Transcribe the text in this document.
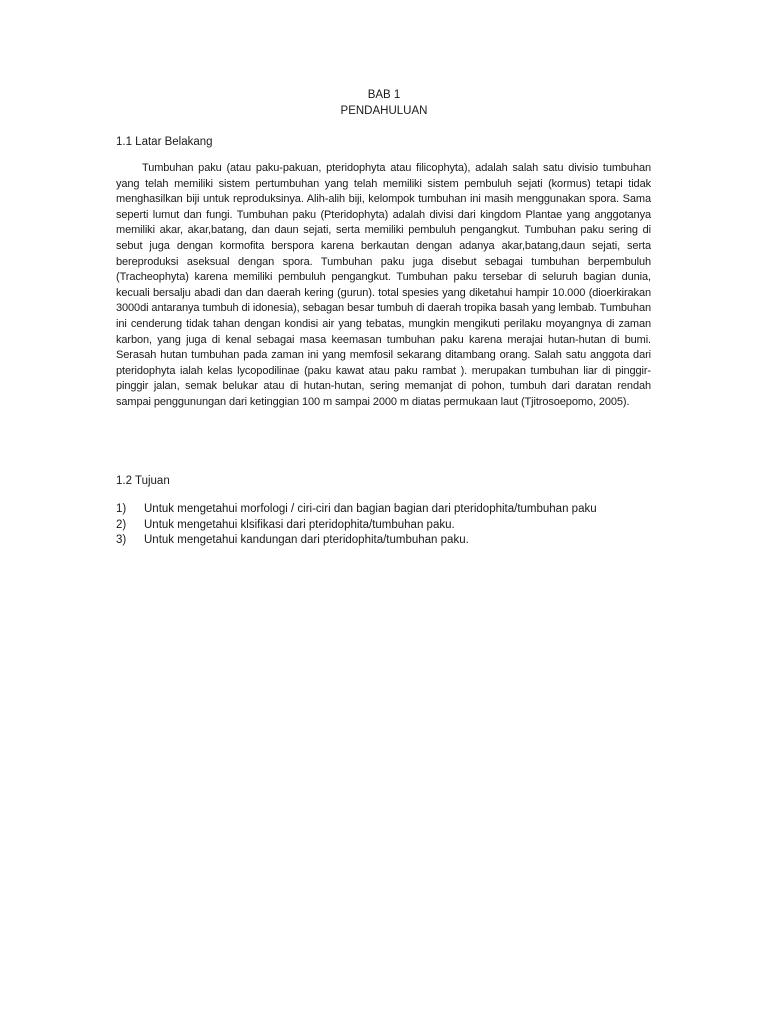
BAB 1
PENDAHULUAN
1.1 Latar Belakang

Tumbuhan paku (atau paku-pakuan, pteridophyta atau filicophyta), adalah salah satu divisio tumbuhan yang telah memiliki sistem pertumbuhan yang telah memiliki sistem pembuluh sejati (kormus) tetapi tidak menghasilkan biji untuk reproduksinya. Alih-alih biji, kelompok tumbuhan ini masih menggunakan spora. Sama seperti lumut dan fungi. Tumbuhan paku (Pteridophyta) adalah divisi dari kingdom Plantae yang anggotanya memiliki akar, akar,batang, dan daun sejati, serta memiliki pembuluh pengangkut. Tumbuhan paku sering di sebut juga dengan kormofita berspora karena berkautan dengan adanya akar,batang,daun sejati, serta bereproduksi aseksual dengan spora. Tumbuhan paku juga disebut sebagai tumbuhan berpembuluh (Tracheophyta) karena memiliki pembuluh pengangkut. Tumbuhan paku tersebar di seluruh bagian dunia, kecuali bersalju abadi dan dan daerah kering (gurun). total spesies yang diketahui hampir 10.000 (dioerkirakan 3000di antaranya tumbuh di idonesia), sebagan besar tumbuh di daerah tropika basah yang lembab. Tumbuhan ini cenderung tidak tahan dengan kondisi air yang tebatas, mungkin mengikuti perilaku moyangnya di zaman karbon, yang juga di kenal sebagai masa keemasan tumbuhan paku karena merajai hutan-hutan di bumi. Serasah hutan tumbuhan pada zaman ini yang memfosil sekarang ditambang orang. Salah satu anggota dari pteridophyta ialah kelas lycopodilinae (paku kawat atau paku rambat ). merupakan tumbuhan liar di pinggir-pinggir jalan, semak belukar atau di hutan-hutan, sering memanjat di pohon, tumbuh dari daratan rendah sampai penggunungan dari ketinggian 100 m sampai 2000 m diatas permukaan laut (Tjitrosoepomo, 2005).

1.2 Tujuan
1)	Untuk mengetahui morfologi / ciri-ciri dan bagian bagian dari pteridophita/tumbuhan paku
2)	Untuk mengetahui klsifikasi dari pteridophita/tumbuhan paku.
3)	Untuk mengetahui kandungan dari pteridophita/tumbuhan paku.
